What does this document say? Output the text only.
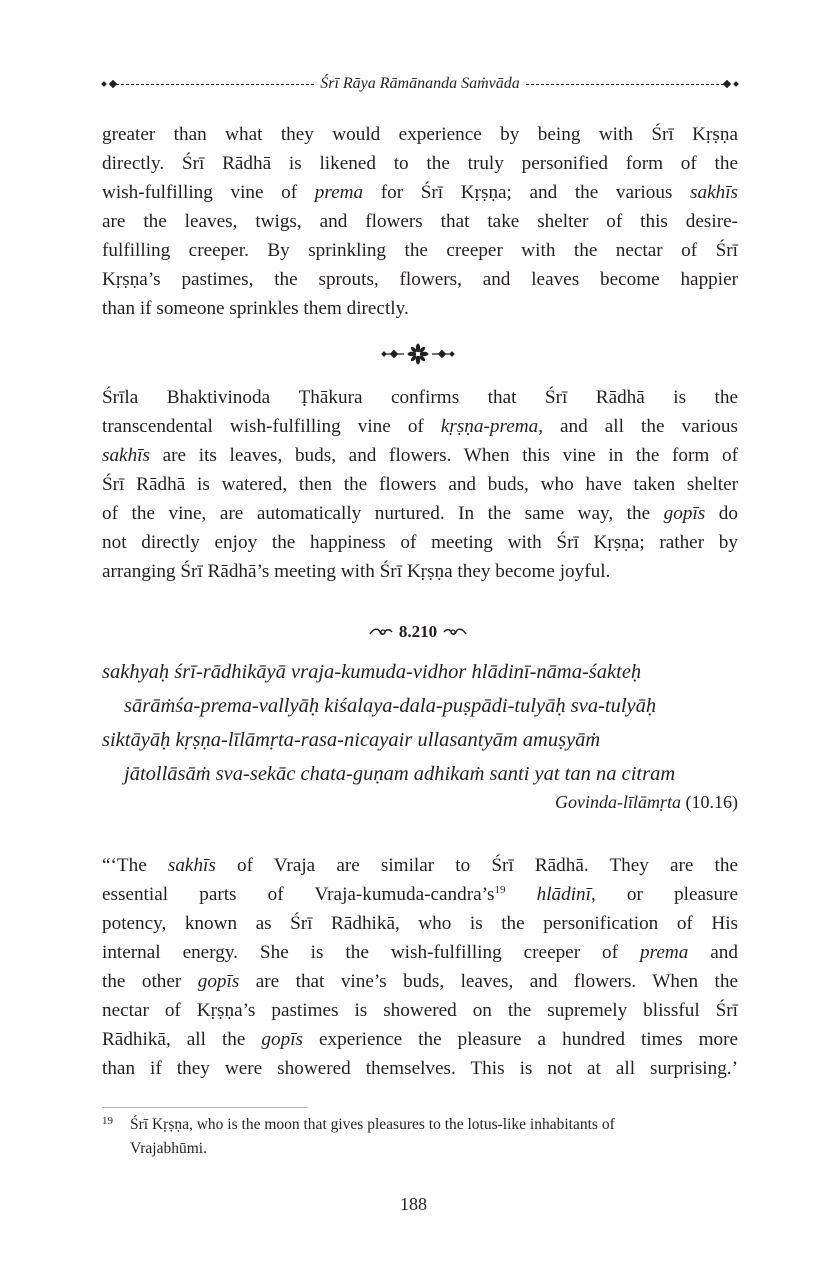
Śrī Rāya Rāmānanda Saṁvāda
greater than what they would experience by being with Śrī Kṛṣṇa
directly. Śrī Rādhā is likened to the truly personified form of the
wish-fulfilling vine of prema for Śrī Kṛṣṇa; and the various sakhīs
are the leaves, twigs, and flowers that take shelter of this desire-
fulfilling creeper. By sprinkling the creeper with the nectar of Śrī
Kṛṣṇa’s pastimes, the sprouts, flowers, and leaves become happier
than if someone sprinkles them directly.
Śrīla Bhaktivinoda Ṭhākura confirms that Śrī Rādhā is the
transcendental wish-fulfilling vine of kṛṣṇa-prema, and all the various
sakhīs are its leaves, buds, and flowers. When this vine in the form of
Śrī Rādhā is watered, then the flowers and buds, who have taken shelter
of the vine, are automatically nurtured. In the same way, the gopīs do
not directly enjoy the happiness of meeting with Śrī Kṛṣṇa; rather by
arranging Śrī Rādhā’s meeting with Śrī Kṛṣṇa they become joyful.
8.210
sakhyaḥ śrī-rādhikāyā vraja-kumuda-vidhor hlādinī-nāma-śakteḥ
sārāṁśa-prema-vallyāḥ kiśalaya-dala-puṣpādi-tulyāḥ sva-tulyāḥ
siktāyāḥ kṛṣṇa-līlāmṛta-rasa-nicayair ullasantyām amuṣyāṁ
jātollāsāṁ sva-sekāc chata-guṇam adhikaṁ santi yat tan na citram
Govinda-līlāmṛta (10.16)
“‘The sakhīs of Vraja are similar to Śrī Rādhā. They are the
essential parts of Vraja-$kumuda-candra’s^{19}$ hlādinī, or pleasure
potency, known as Śrī Rādhikā, who is the personification of His
internal energy. She is the wish-fulfilling creeper of prema and
the other gopīs are that vine’s buds, leaves, and flowers. When the
nectar of Kṛṣṇa’s pastimes is showered on the supremely blissful Śrī
Rādhikā, all the gopīs experience the pleasure a hundred times more
than if they were showered themselves. This is not at all surprising.’
19 Śrī Kṛṣṇa, who is the moon that gives pleasures to the lotus-like inhabitants of
Vrajabhūmi.
188
